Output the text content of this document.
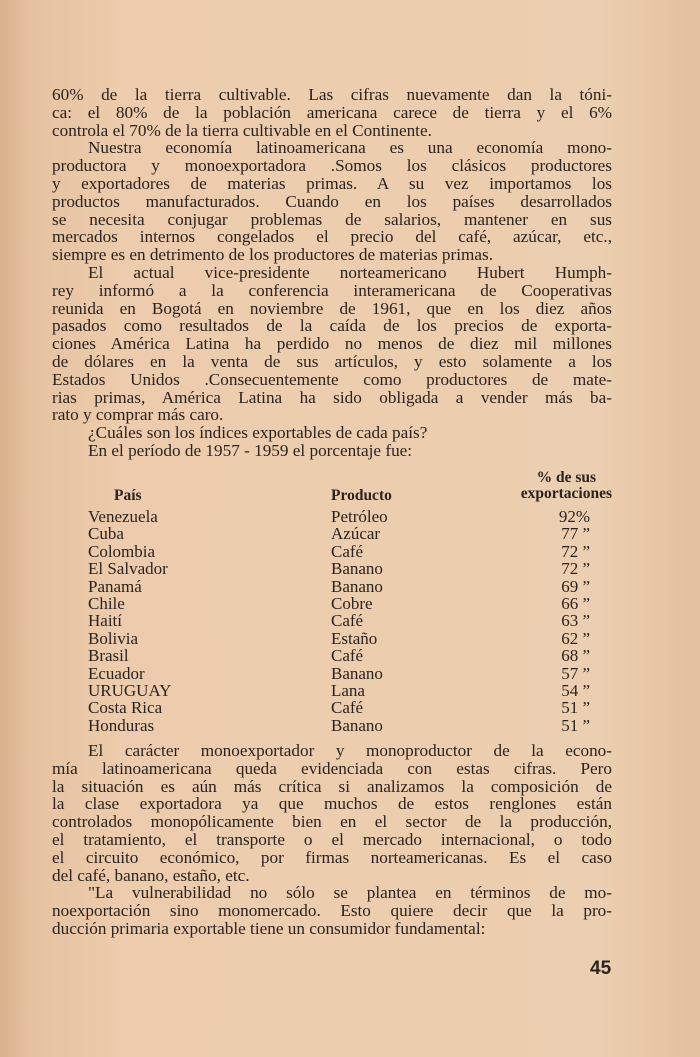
60% de la tierra cultivable. Las cifras nuevamente dan la tóni-
ca: el 80% de la población americana carece de tierra y el 6%
controla el 70% de la tierra cultivable en el Continente.
Nuestra economía latinoamericana es una economía mono-
productora y monoexportadora .Somos los clásicos productores
y exportadores de materias primas. A su vez importamos los
productos manufacturados. Cuando en los países desarrollados
se necesita conjugar problemas de salarios, mantener en sus
mercados internos congelados el precio del café, azúcar, etc.,
siempre es en detrimento de los productores de materias primas.
El actual vice-presidente norteamericano Hubert Humph-
rey informó a la conferencia interamericana de Cooperativas
reunida en Bogotá en noviembre de 1961, que en los diez años
pasados como resultados de la caída de los precios de exporta-
ciones América Latina ha perdido no menos de diez mil millones
de dólares en la venta de sus artículos, y esto solamente a los
Estados Unidos .Consecuentemente como productores de mate-
rias primas, América Latina ha sido obligada a vender más ba-
rato y comprar más caro.
¿Cuáles son los índices exportables de cada país?
En el período de 1957 - 1959 el porcentaje fue:
País	Producto
% de sus
exportaciones
Venezuela	Petróleo	92%
Cuba	Azúcar	77 ”
Colombia	Café	72 ”
El Salvador	Banano	72 ”
Panamá	Banano	69 ”
Chile	Cobre	66 ”
Haití	Café	63 ”
Bolivia	Estaño	62 ”
Brasil	Café	68 ”
Ecuador	Banano	57 ”
URUGUAY	Lana	54 ”
Costa Rica	Café	51 ”
Honduras	Banano	51 ”
El carácter monoexportador y monoproductor de la econo-
mía latinoamericana queda evidenciada con estas cifras. Pero
la situación es aún más crítica si analizamos la composición de
la clase exportadora ya que muchos de estos renglones están
controlados monopólicamente bien en el sector de la producción,
el tratamiento, el transporte o el mercado internacional, o todo
el circuito económico, por firmas norteamericanas. Es el caso
del café, banano, estaño, etc.
"La vulnerabilidad no sólo se plantea en términos de mo-
noexportación sino monomercado. Esto quiere decir que la pro-
ducción primaria exportable tiene un consumidor fundamental:
45
